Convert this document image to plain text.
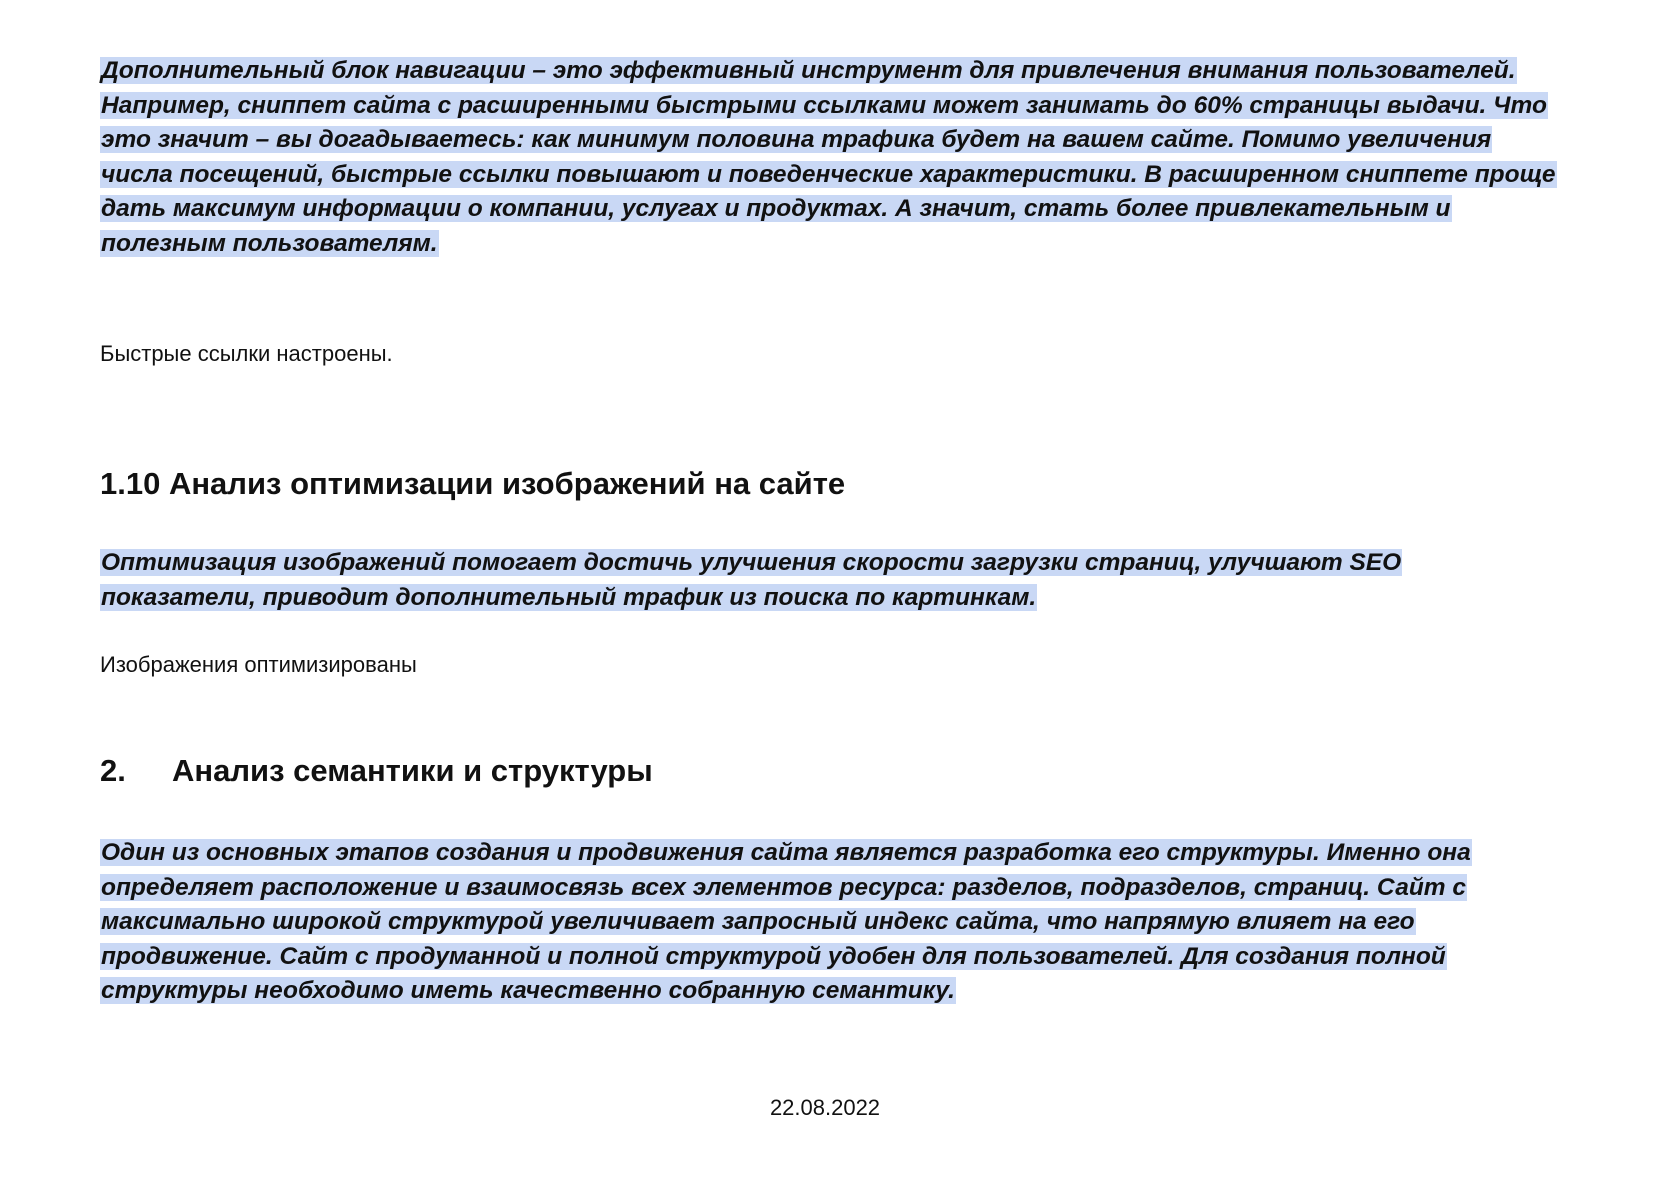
Дополнительный блок навигации – это эффективный инструмент для привлечения внимания пользователей. Например, сниппет сайта с расширенными быстрыми ссылками может занимать до 60% страницы выдачи. Что это значит – вы догадываетесь: как минимум половина трафика будет на вашем сайте. Помимо увеличения числа посещений, быстрые ссылки повышают и поведенческие характеристики. В расширенном сниппете проще дать максимум информации о компании, услугах и продуктах. А значит, стать более привлекательным и полезным пользователям.

Быстрые ссылки настроены.

1.10 Анализ оптимизации изображений на сайте

Оптимизация изображений помогает достичь улучшения скорости загрузки страниц, улучшают SEO показатели, приводит дополнительный трафик из поиска по картинкам.

Изображения оптимизированы

2.	Анализ семантики и структуры

Один из основных этапов создания и продвижения сайта является разработка его структуры. Именно она определяет расположение и взаимосвязь всех элементов ресурса: разделов, подразделов, страниц. Сайт с максимально широкой структурой увеличивает запросный индекс сайта, что напрямую влияет на его продвижение. Сайт с продуманной и полной структурой удобен для пользователей. Для создания полной структуры необходимо иметь качественно собранную семантику.

22.08.2022
